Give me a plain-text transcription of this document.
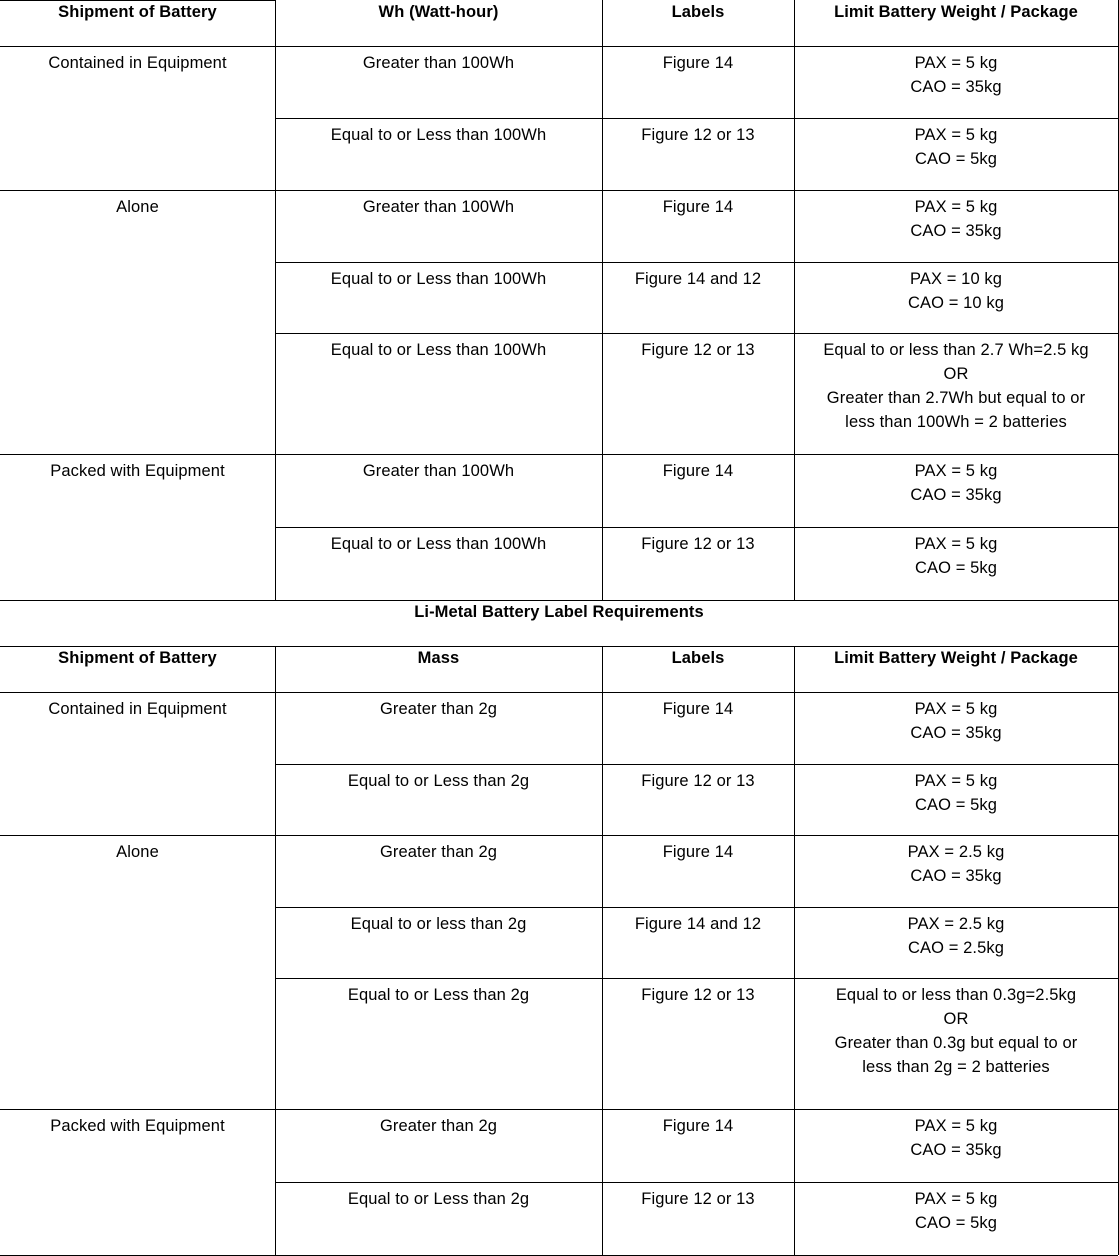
Shipment of Battery	Wh (Watt-hour)	Labels	Limit Battery Weight / Package
Contained in Equipment	Greater than 100Wh	Figure 14	PAX = 5 kg
CAO = 35kg
Equal to or Less than 100Wh	Figure 12 or 13	PAX = 5 kg
CAO = 5kg
Alone	Greater than 100Wh	Figure 14	PAX = 5 kg
CAO = 35kg
Equal to or Less than 100Wh	Figure 14 and 12	PAX = 10 kg
CAO = 10 kg
Equal to or Less than 100Wh	Figure 12 or 13	Equal to or less than 2.7 Wh=2.5 kg
OR
Greater than 2.7Wh but equal to or
less than 100Wh = 2 batteries
Packed with Equipment	Greater than 100Wh	Figure 14	PAX = 5 kg
CAO = 35kg
Equal to or Less than 100Wh	Figure 12 or 13	PAX = 5 kg
CAO = 5kg
Li-Metal Battery Label Requirements
Shipment of Battery	Mass	Labels	Limit Battery Weight / Package
Contained in Equipment	Greater than 2g	Figure 14	PAX = 5 kg
CAO = 35kg
Equal to or Less than 2g	Figure 12 or 13	PAX = 5 kg
CAO = 5kg
Alone	Greater than 2g	Figure 14	PAX = 2.5 kg
CAO = 35kg
Equal to or less than 2g	Figure 14 and 12	PAX = 2.5 kg
CAO = 2.5kg
Equal to or Less than 2g	Figure 12 or 13	Equal to or less than 0.3g=2.5kg
OR
Greater than 0.3g but equal to or
less than 2g = 2 batteries
Packed with Equipment	Greater than 2g	Figure 14	PAX = 5 kg
CAO = 35kg
Equal to or Less than 2g	Figure 12 or 13	PAX = 5 kg
CAO = 5kg
